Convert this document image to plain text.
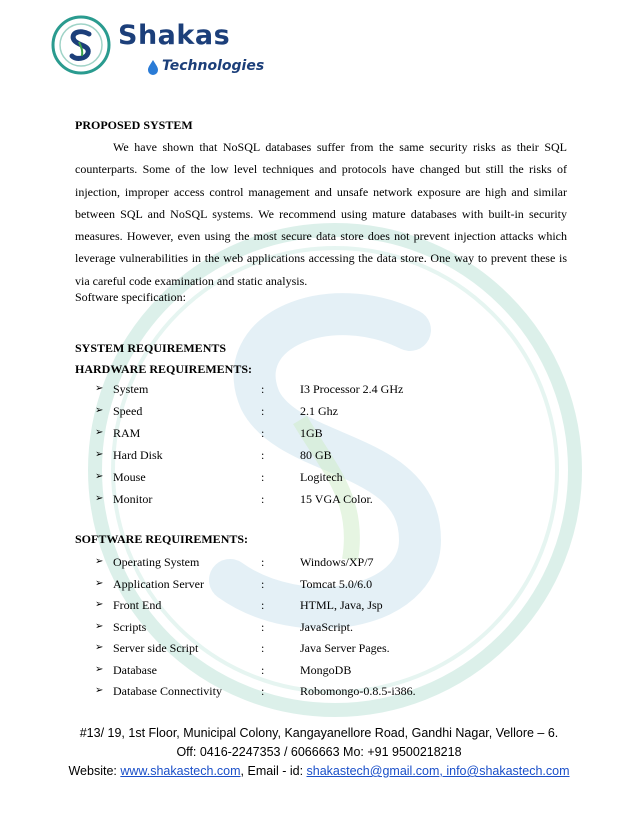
Shakas
Technologies
PROPOSED SYSTEM
We have shown that NoSQL databases suffer from the same security risks as their SQL counterparts. Some of the low level techniques and protocols have changed but still the risks of injection, improper access control management and unsafe network exposure are high and similar between SQL and NoSQL systems. We recommend using mature databases with built-in security measures. However, even using the most secure data store does not prevent injection attacks which leverage vulnerabilities in the web applications accessing the data store. One way to prevent these is via careful code examination and static analysis.
Software specification:
SYSTEM REQUIREMENTS
HARDWARE REQUIREMENTS:
➢ System	:	I3 Processor 2.4 GHz
➢ Speed	:	2.1 Ghz
➢ RAM	:	1GB
➢ Hard Disk	:	80 GB
➢ Mouse	:	Logitech
➢ Monitor	:	15 VGA Color.
SOFTWARE REQUIREMENTS:
➢ Operating System	:	Windows/XP/7
➢ Application Server	:	Tomcat 5.0/6.0
➢ Front End	:	HTML, Java, Jsp
➢ Scripts	:	JavaScript.
➢ Server side Script	:	Java Server Pages.
➢ Database	:	MongoDB
➢ Database Connectivity	:	Robomongo-0.8.5-i386.
#13/ 19, 1st Floor, Municipal Colony, Kangayanellore Road, Gandhi Nagar, Vellore – 6.
Off: 0416-2247353 / 6066663 Mo: +91 9500218218
Website: www.shakastech.com, Email - id: shakastech@gmail.com, info@shakastech.com
